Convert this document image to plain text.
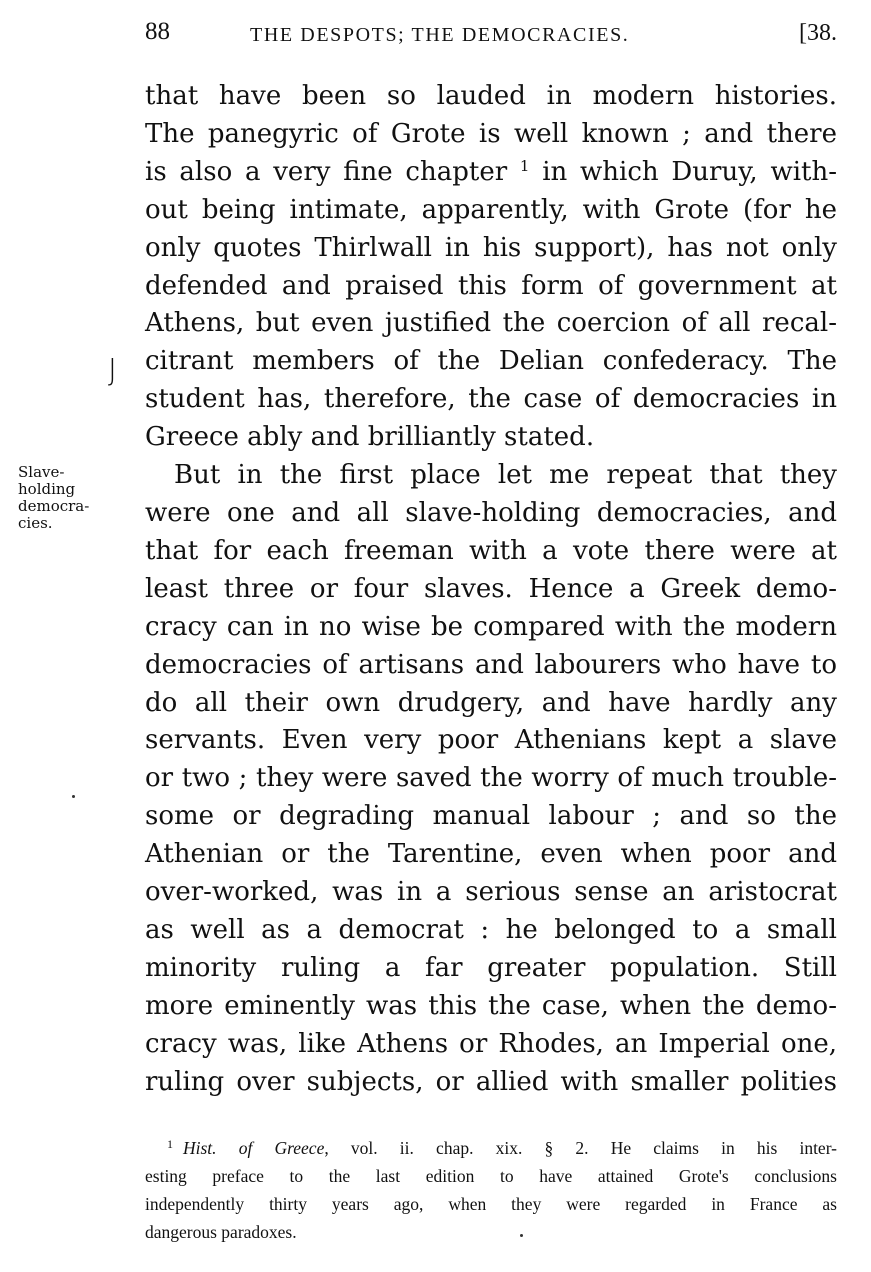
88	THE DESPOTS; THE DEMOCRACIES.	[38.
J
Slave-
holding
democra-
cies.
that have been so lauded in modern histories.
The panegyric of Grote is well known ; and there
is also a very fine chapter $^1$ in which Duruy, with-
out being intimate, apparently, with Grote (for he
only quotes Thirlwall in his support), has not only
defended and praised this form of government at
Athens, but even justified the coercion of all recal-
citrant members of the Delian confederacy. The
student has, therefore, the case of democracies in
Greece ably and brilliantly stated.
But in the first place let me repeat that they
were one and all slave-holding democracies, and
that for each freeman with a vote there were at
least three or four slaves. Hence a Greek demo-
cracy can in no wise be compared with the modern
democracies of artisans and labourers who have to
do all their own drudgery, and have hardly any
servants. Even very poor Athenians kept a slave
or two ; they were saved the worry of much trouble-
some or degrading manual labour ; and so the
Athenian or the Tarentine, even when poor and
over-worked, was in a serious sense an aristocrat
as well as a democrat : he belonged to a small
minority ruling a far greater population. Still
more eminently was this the case, when the demo-
cracy was, like Athens or Rhodes, an Imperial one,
ruling over subjects, or allied with smaller polities
$^1$ Hist. of Greece, vol. ii. chap. xix. § 2. He claims in his inter-
esting preface to the last edition to have attained Grote's conclusions
independently thirty years ago, when they were regarded in France as
dangerous paradoxes.
